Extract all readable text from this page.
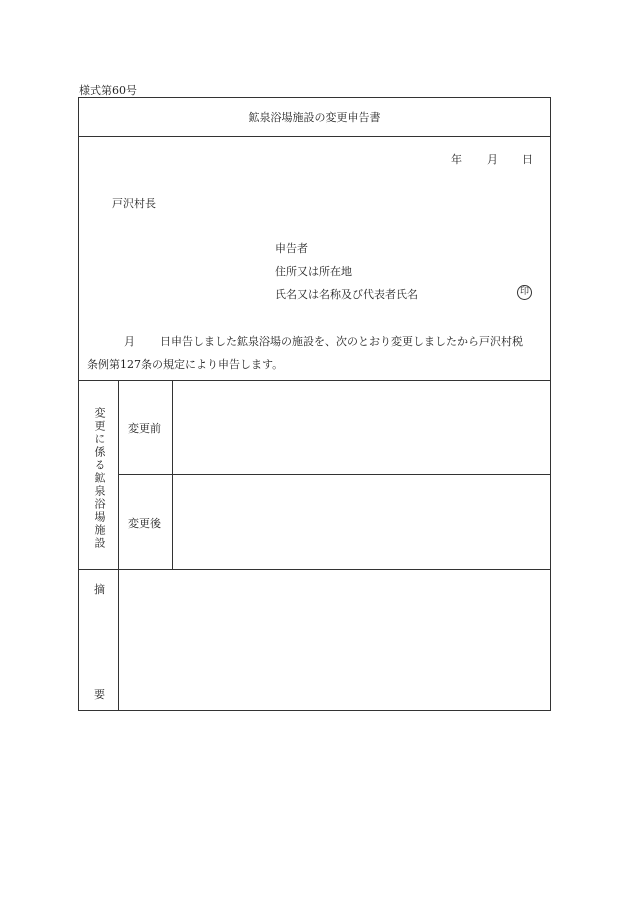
様式第60号
鉱泉浴場施設の変更申告書
年 月 日
戸沢村長
申告者
住所又は所在地
氏名又は名称及び代表者氏名	印
月 日申告しました鉱泉浴場の施設を、次のとおり変更しましたから戸沢村税
条例第127条の規定により申告します。
変更に係る鉱泉浴場施設 変更前
変更後
摘
要
